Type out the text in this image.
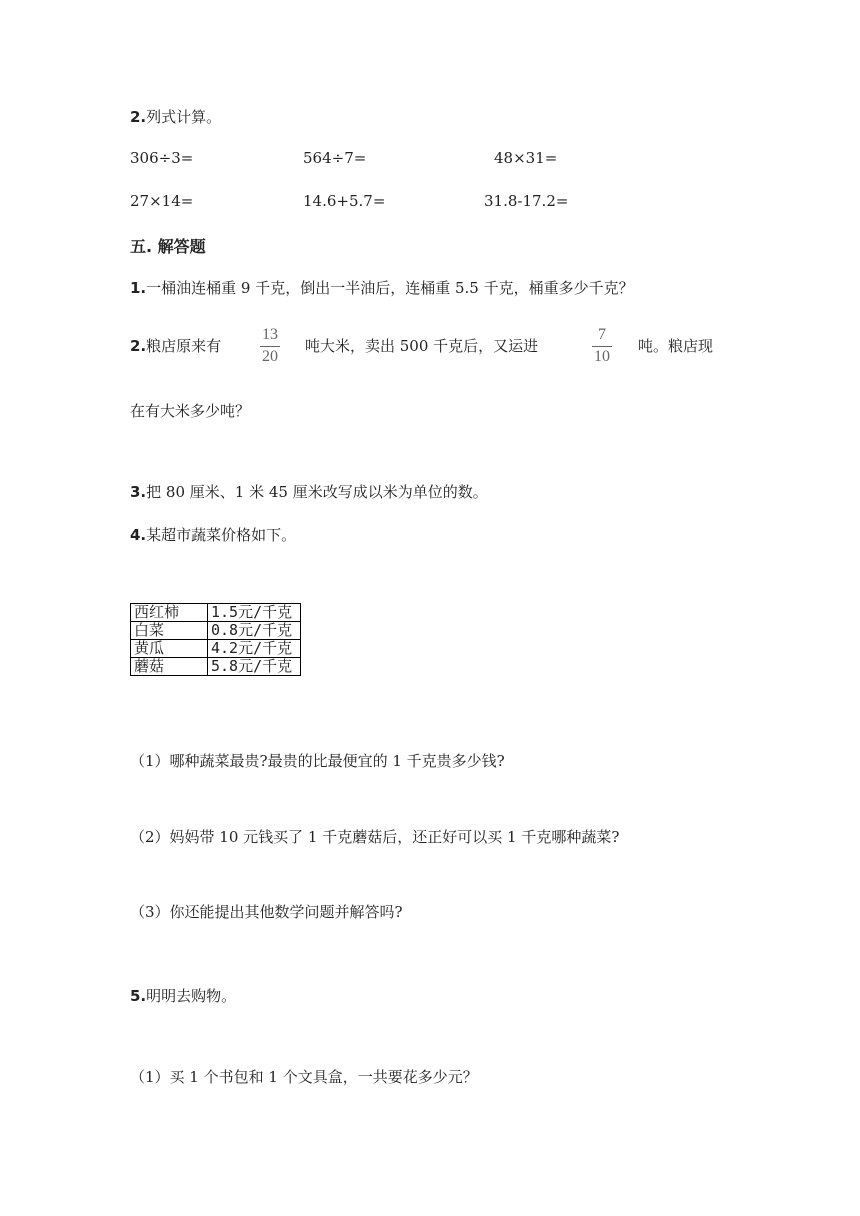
2.列式计算。
306÷3=	564÷7=	48×31=
27×14=	14.6+5.7=	31.8-17.2=
五. 解答题
1.一桶油连桶重 9 千克，倒出一半油后，连桶重 5.5 千克，桶重多少千克？
2.粮店原来有
13
20
吨大米，卖出 500 千克后，又运进
7
10
吨。粮店现
在有大米多少吨？
3.把 80 厘米、1 米 45 厘米改写成以米为单位的数。
4.某超市蔬菜价格如下。
西红柿	1.5元/千克
白菜	0.8元/千克
黄瓜	4.2元/千克
蘑菇	5.8元/千克
（1）哪种蔬菜最贵?最贵的比最便宜的 1 千克贵多少钱?
（2）妈妈带 10 元钱买了 1 千克蘑菇后，还正好可以买 1 千克哪种蔬菜?
（3）你还能提出其他数学问题并解答吗?
5.明明去购物。
（1）买 1 个书包和 1 个文具盒，一共要花多少元？
